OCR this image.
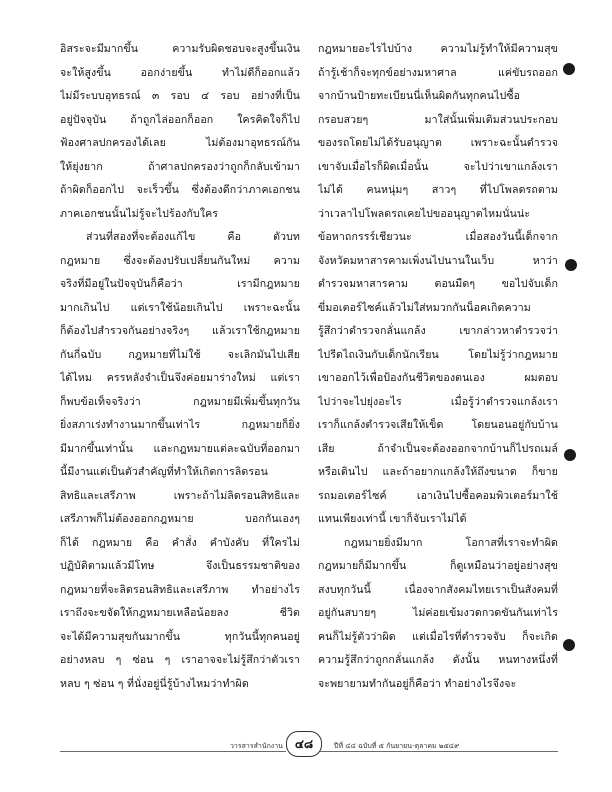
อิสระจะมีมากขึ้น ความรับผิดชอบจะสูงขึ้นเงิน
จะให้สูงขึ้น ออกง่ายขึ้น ทำไม่ดีก็ออกแล้ว
ไม่มีระบบอุทธรณ์ ๓ รอบ ๔ รอบ อย่างที่เป็น
อยู่ปัจจุบัน ถ้าถูกไล่ออกก็ออก ใครคิดใจก็ไป
ฟ้องศาลปกครองได้เลย ไม่ต้องมาอุทธรณ์กัน
ให้ยุ่งยาก ถ้าศาลปกครองว่าถูกก็กลับเข้ามา
ถ้าผิดก็ออกไป จะเร็วขึ้น ซึ่งต้องดีกว่าภาคเอกชน
ภาคเอกชนนั้นไม่รู้จะไปร้องกับใคร
ส่วนที่สองที่จะต้องแก้ไข คือ ตัวบท
กฎหมาย ซึ่งจะต้องปรับเปลี่ยนกันใหม่ ความ
จริงที่มีอยู่ในปัจจุบันก็คือว่า เรามีกฎหมาย
มากเกินไป แต่เราใช้น้อยเกินไป เพราะฉะนั้น
ก็ต้องไปสำรวจกันอย่างจริงๆ แล้วเราใช้กฎหมาย
กันกี่ฉบับ กฎหมายที่ไม่ใช้ จะเลิกมันไปเสีย
ได้ไหม ครรหลังจำเป็นจึงค่อยมาร่างใหม่ แต่เรา
ก็พบข้อเท็จจริงว่า กฎหมายมีเพิ่มขึ้นทุกวัน
ยิ่งสภาเร่งทำงานมากขึ้นเท่าไร กฎหมายก็ยิ่ง
มีมากขึ้นเท่านั้น และกฎหมายแต่ละฉบับที่ออกมา
นี้มีงานแต่เป็นตัวสำคัญที่ทำให้เกิดการลิดรอน
สิทธิและเสรีภาพ เพราะถ้าไม่ลิดรอนสิทธิและ
เสรีภาพก็ไม่ต้องออกกฎหมาย บอกกันเองๆ
ก็ได้ กฎหมาย คือ คำสั่ง คำบังคับ ที่ใครไม่
ปฏิบัติตามแล้วมีโทษ จึงเป็นธรรมชาติของ
กฎหมายที่จะลิดรอนสิทธิและเสรีภาพ ทำอย่างไร
เราถึงจะขจัดให้กฎหมายเหลือน้อยลง ชีวิต
จะได้มีความสุขกันมากขึ้น ทุกวันนี้ทุกคนอยู่
อย่างหลบ ๆ ซ่อน ๆ เราอาจจะไม่รู้สึกว่าตัวเรา
หลบ ๆ ซ่อน ๆ ที่นั่งอยู่นี่รู้บ้างไหมว่าทำผิด
กฎหมายอะไรไปบ้าง ความไม่รู้ทำให้มีความสุข
ถ้ารู้เช้าก็จะทุกข์อย่างมหาศาล แค่ขับรถออก
จากบ้านป้ายทะเบียนนี่เห็นผิดกันทุกคนไปซื้อ
กรอบสวยๆ มาใส่นั้นเพิ่มเติมส่วนประกอบ
ของรถโดยไม่ได้รับอนุญาต เพราะฉะนั้นตำรวจ
เขาจับเมื่อไรก็ผิดเมื่อนั้น จะไปว่าเขาแกล้งเรา
ไม่ได้ คนหนุ่มๆ สาวๆ ที่ไปโพลดรถตาม
ว่าเวลาไปโพลดรถเคยไปขออนุญาตไหมนั่นน่ะ
ข้อหาถกรรร์เชียวนะ เมื่อสองวันนี้เด็กจาก
จังหวัดมหาสารคามเพิ่งนไปนานในเว็บ หาว่า
ตำรวจมหาสารคาม ตอนมืดๆ ขอไปจับเด็ก
ขี่มอเตอร์ไซค์แล้วไม่ใส่หมวกกันน็อคเกิดความ
รู้สึกว่าตำรวจกลั่นแกล้ง เขากล่าวหาตำรวจว่า
ไปรีดไถเงินกับเด็กนักเรียน โดยไม่รู้ว่ากฎหมาย
เขาออกไว้เพื่อป้องกันชีวิตของตนเอง ผมตอบ
ไปว่าจะไปยุ่งอะไร เมื่อรู้ว่าตำรวจแกล้งเรา
เราก็แกล้งตำรวจเสียให้เข็ด โดยนอนอยู่กับบ้าน
เสีย ถ้าจำเป็นจะต้องออกจากบ้านก็ไปรถเมล์
หรือเดินไป และถ้าอยากแกล้งให้ถึงขนาด ก็ขาย
รถมอเตอร์ไซค์ เอาเงินไปซื้อคอมพิวเตอร์มาใช้
แทนเพียงเท่านี้ เขาก็จับเราไม่ได้
กฎหมายยิ่งมีมาก โอกาสที่เราจะทำผิด
กฎหมายก็มีมากขึ้น ก็ดูเหมือนว่าอยู่อย่างสุข
สงบทุกวันนี้ เนื่องจากสังคมไทยเราเป็นสังคมที่
อยู่กันสบายๆ ไม่ค่อยเข้มงวดกวดขันกันเท่าไร
คนก็ไม่รู้ตัวว่าผิด แต่เมื่อไรที่ตำรวจจับ ก็จะเกิด
ความรู้สึกว่าถูกกลั่นแกล้ง ดังนั้น หนทางหนึ่งที่
จะพยายามทำกันอยู่ก็คือว่า ทำอย่างไรจึงจะ
วารสารสำนักงาน ๔๘	ปีที่ ๔๔ ฉบับที่ ๕ กันยายน-ตุลาคม ๒๕๔๙
